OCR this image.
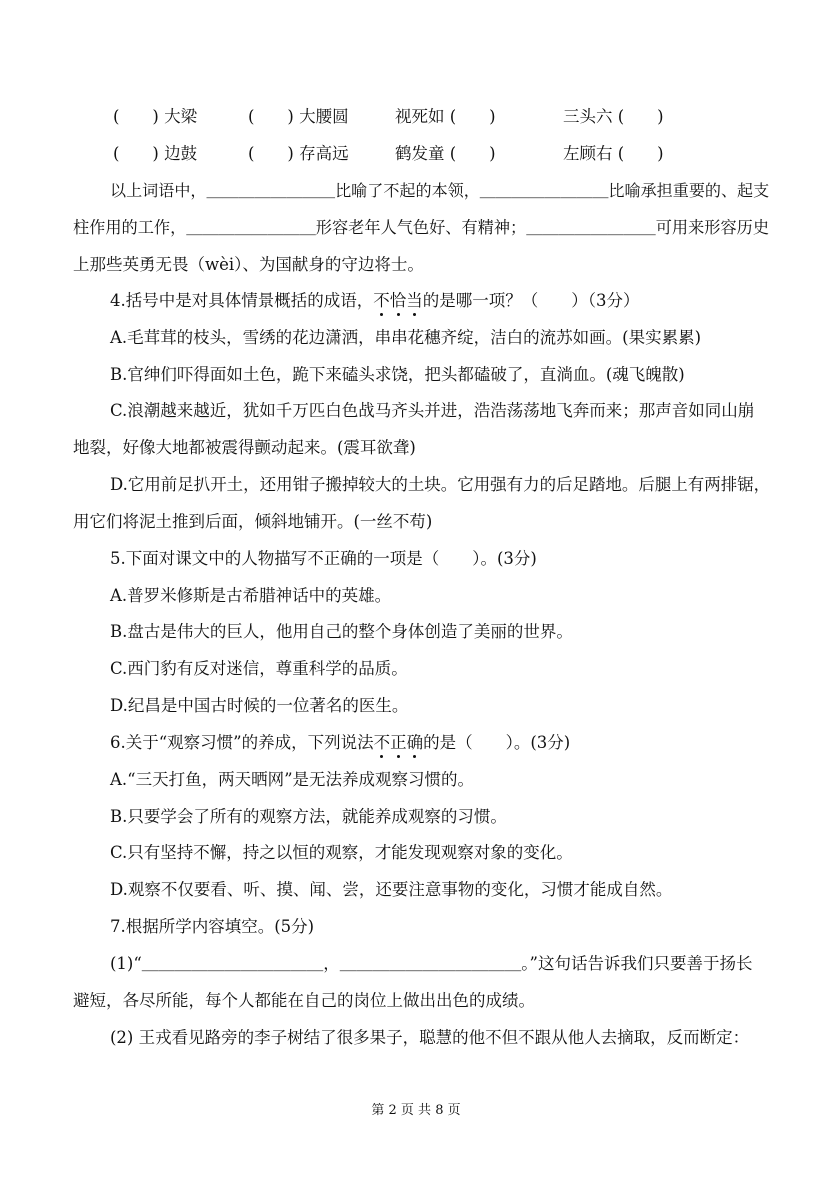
(　　) 大梁	(　　) 大腰圆	视死如 (　　)	三头六 (　　)
(　　) 边鼓	(　　) 存高远	鹤发童 (　　)	左顾右 (　　)
以上词语中，＿＿＿＿＿＿＿＿比喻了不起的本领，＿＿＿＿＿＿＿＿比喻承担重要的、起支
柱作用的工作，＿＿＿＿＿＿＿＿形容老年人气色好、有精神；＿＿＿＿＿＿＿＿可用来形容历史
上那些英勇无畏（wèi）、为国献身的守边将士。
4.括号中是对具体情景概括的成语，不恰当的是哪一项？（　　）（3分）
A.毛茸茸的枝头，雪绣的花边潇洒，串串花穗齐绽，洁白的流苏如画。(果实累累)
B.官绅们吓得面如土色，跪下来磕头求饶，把头都磕破了，直淌血。(魂飞魄散)
C.浪潮越来越近，犹如千万匹白色战马齐头并进，浩浩荡荡地飞奔而来；那声音如同山崩
地裂，好像大地都被震得颤动起来。(震耳欲聋)
D.它用前足扒开土，还用钳子搬掉较大的土块。它用强有力的后足踏地。后腿上有两排锯，
用它们将泥土推到后面，倾斜地铺开。(一丝不苟)
5.下面对课文中的人物描写不正确的一项是（　　）。(3分)
A.普罗米修斯是古希腊神话中的英雄。
B.盘古是伟大的巨人，他用自己的整个身体创造了美丽的世界。
C.西门豹有反对迷信，尊重科学的品质。
D.纪昌是中国古时候的一位著名的医生。
6.关于“观察习惯”的养成，下列说法不正确的是（　　）。(3分)
A.“三天打鱼，两天晒网”是无法养成观察习惯的。
B.只要学会了所有的观察方法，就能养成观察的习惯。
C.只有坚持不懈，持之以恒的观察，才能发现观察对象的变化。
D.观察不仅要看、听、摸、闻、尝，还要注意事物的变化，习惯才能成自然。
7.根据所学内容填空。(5分)
(1)“＿＿＿＿＿＿＿＿＿＿＿，＿＿＿＿＿＿＿＿＿＿＿。”这句话告诉我们只要善于扬长
避短，各尽所能，每个人都能在自己的岗位上做出出色的成绩。
(2) 王戎看见路旁的李子树结了很多果子，聪慧的他不但不跟从他人去摘取，反而断定：
第 2 页 共 8 页
